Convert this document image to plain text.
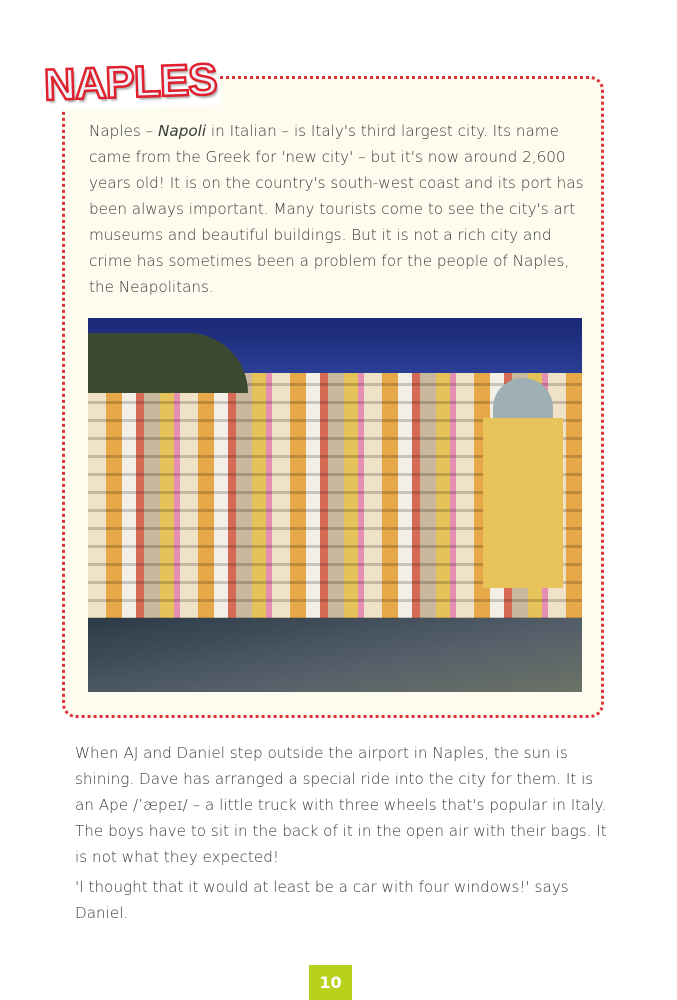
NAPLES

Naples – Napoli in Italian – is Italy's third largest city. Its name came from the Greek for 'new city' – but it's now around 2,600 years old! It is on the country's south-west coast and its port has been always important. Many tourists come to see the city's art museums and beautiful buildings. But it is not a rich city and crime has sometimes been a problem for the people of Naples, the Neapolitans.

When AJ and Daniel step outside the airport in Naples, the sun is shining. Dave has arranged a special ride into the city for them. It is an Ape /ˈæpeɪ/ – a little truck with three wheels that's popular in Italy. The boys have to sit in the back of it in the open air with their bags. It is not what they expected!

'I thought that it would at least be a car with four windows!' says Daniel.

10
